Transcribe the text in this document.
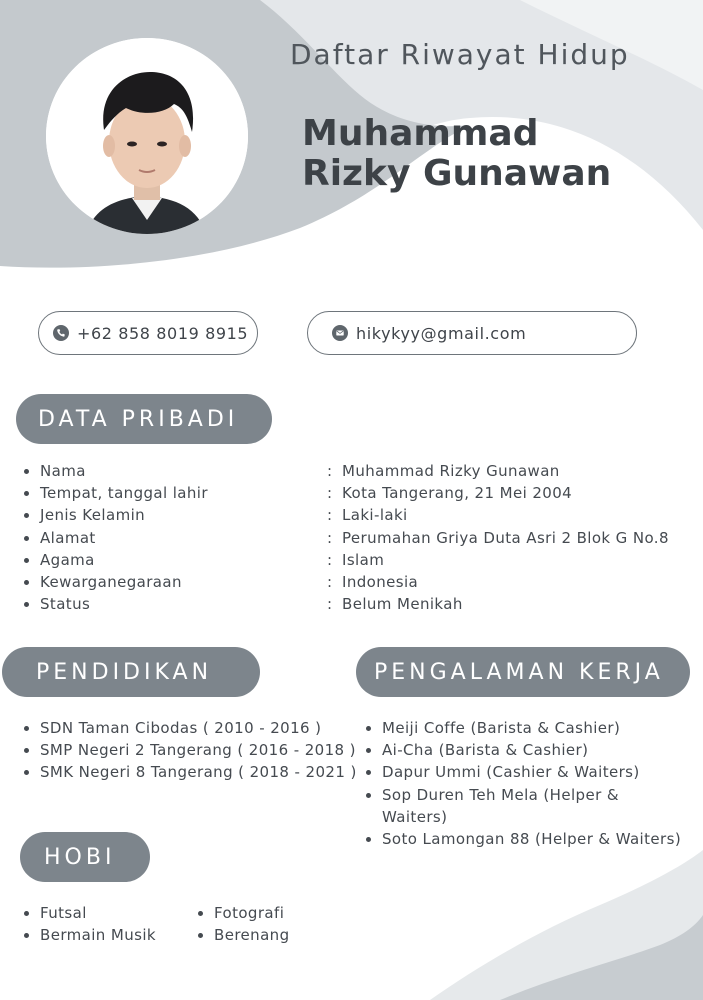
Daftar Riwayat Hidup
Muhammad
Rizky Gunawan
+62 858 8019 8915	hikykyy@gmail.com
DATA PRIBADI
Nama
Tempat, tanggal lahir
Jenis Kelamin
Alamat
Agama
Kewarganegaraan
Status
: Muhammad Rizky Gunawan
: Kota Tangerang, 21 Mei 2004
: Laki-laki
: Perumahan Griya Duta Asri 2 Blok G No.8
: Islam
: Indonesia
: Belum Menikah
PENDIDIKAN
SDN Taman Cibodas ( 2010 - 2016 )
SMP Negeri 2 Tangerang ( 2016 - 2018 )
SMK Negeri 8 Tangerang ( 2018 - 2021 )
PENGALAMAN KERJA
Meiji Coffe (Barista & Cashier)
Ai-Cha (Barista & Cashier)
Dapur Ummi (Cashier & Waiters)
Sop Duren Teh Mela (Helper & Waiters)
Soto Lamongan 88 (Helper & Waiters)
HOBI
Futsal
Bermain Musik
Fotografi
Berenang
